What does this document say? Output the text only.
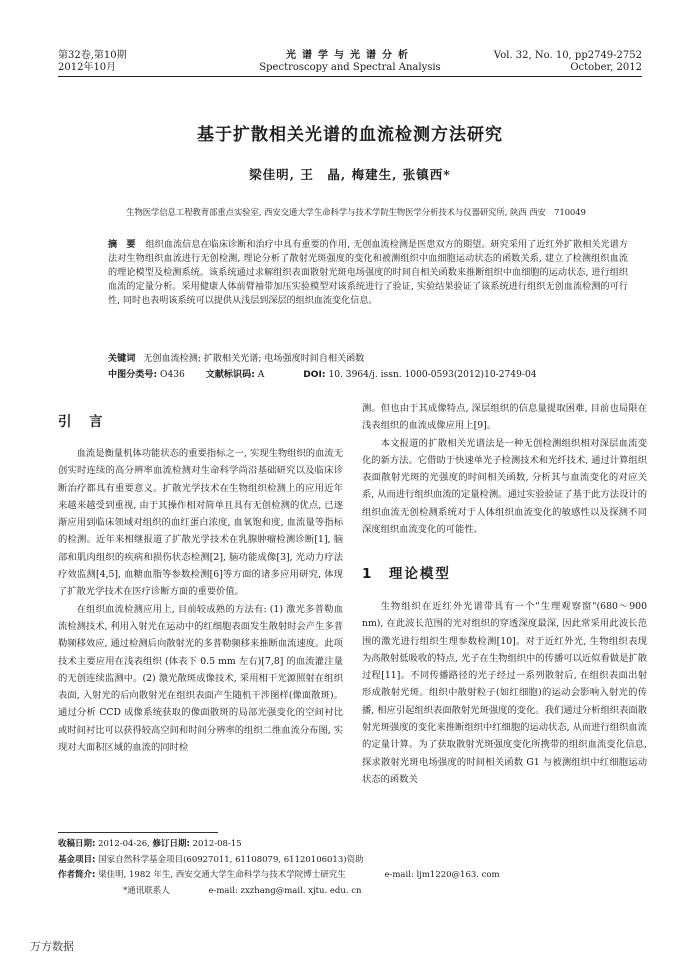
第32卷,第10期
2012年10月
光谱学与光谱分析
Spectroscopy and Spectral Analysis
Vol. 32, No. 10, pp2749-2752
October, 2012
基于扩散相关光谱的血流检测方法研究
梁佳明, 王　晶, 梅建生, 张镇西*
生物医学信息工程教育部重点实验室, 西安交通大学生命科学与技术学院生物医学分析技术与仪器研究所, 陕西 西安　710049
摘　要 组织血流信息在临床诊断和治疗中具有重要的作用, 无创血流检测是医患双方的期望。研究采用了近红外扩散相关光谱方法对生物组织血流进行无创检测, 理论分析了散射光斑强度的变化和被测组织中血细胞运动状态的函数关系, 建立了检测组织血流的理论模型及检测系统。该系统通过求解组织表面散射光斑电场强度的时间自相关函数来推断组织中血细胞的运动状态, 进行组织血流的定量分析。采用健康人体前臂袖带加压实验模型对该系统进行了验证, 实验结果验证了该系统进行组织无创血流检测的可行性, 同时也表明该系统可以提供从浅层到深层的组织血流变化信息。
关键词 无创血流检测; 扩散相关光谱; 电场强度时间自相关函数
中图分类号: O436 文献标识码: A	DOI: 10. 3964/j. issn. 1000-0593(2012)10-2749-04
引　言

血流是衡量机体功能状态的重要指标之一, 实现生物组织的血流无创实时连续的高分辨率血流检测对生命科学尚沿基础研究以及临床诊断治疗都具有重要意义。扩散光学技术在生物组织检测上的应用近年来越来越受到重视, 由于其操作相对简单且具有无创检测的优点, 已逐渐应用到临床领域对组织的血红蛋白浓度, 血氧饱和度, 血流量等指标的检测。近年来相继报道了扩散光学技术在乳腺肿瘤检测诊断[1], 脑部和肌肉组织的疾病和损伤状态检测[2], 脑功能成像[3], 光动力疗法疗效监测[4,5], 血糖血脂等参数检测[6]等方面的诸多应用研究, 体现了扩散光学技术在医疗诊断方面的重要价值。

在组织血流检测应用上, 目前较成熟的方法有: (1) 激光多普勒血流检测技术, 利用入射光在运动中的红细胞表面发生散射时会产生多普勒频移效应, 通过检测后向散射光的多普勒频移来推断血流速度。此项技术主要应用在浅表组织 (体表下 0.5 mm 左右)[7,8] 的血流灌注量的无创连续监测中。(2) 激光散斑成像技术, 采用相干光源照射在组织表面, 入射光的后向散射光在组织表面产生随机干涉图样(像面散斑)。通过分析 CCD 成像系统获取的像面散斑的局部光强变化的空间衬比或时间衬比可以获得较高空间和时间分辨率的组织二维血流分布图, 实现对大面积区域的血流的同时检

测。但也由于其成像特点, 深层组织的信息量提取困难, 目前也局限在浅表组织的血流成像应用上[9]。

本文报道的扩散相关光谱法是一种无创检测组织相对深层血流变化的新方法。它借助于快速单光子检测技术和光纤技术, 通过计算组织表面散射光斑的光强度的时间相关函数, 分析其与血流变化的对应关系, 从而进行组织血流的定量检测。通过实验验证了基于此方法设计的组织血流无创检测系统对于人体组织血流变化的敏感性以及探测不同深度组织血流变化的可能性。

1　理论模型

生物组织在近红外光谱带具有一个"生理观察窗"(680～900 nm), 在此波长范围的光对组织的穿透深度最深, 因此常采用此波长范围的激光进行组织生理参数检测[10]。对于近红外光, 生物组织表现为高散射低吸收的特点, 光子在生物组织中的传播可以近似看做是扩散过程[11]。不同传播路径的光子经过一系列散射后, 在组织表面出射形成散射光斑。组织中散射粒子(如红细胞)的运动会影响入射光的传播, 相应引起组织表面散射光斑强度的变化。我们通过分析组织表面散射光斑强度的变化来推断组织中红细胞的运动状态, 从而进行组织血流的定量计算。为了获取散射光斑强度变化所携带的组织血流变化信息, 探求散射光斑电场强度的时间相关函数 G1 与被测组织中红细胞运动状态的函数关

收稿日期: 2012-04-26, 修订日期: 2012-08-15
基金项目: 国家自然科学基金项目(60927011, 61108079, 61120106013)资助
作者简介: 梁佳明, 1982 年生, 西安交通大学生命科学与技术学院博士研究生	e-mail: ljm1220@163. com
*通讯联系人	e-mail: zxzhang@mail. xjtu. edu. cn
万方数据
